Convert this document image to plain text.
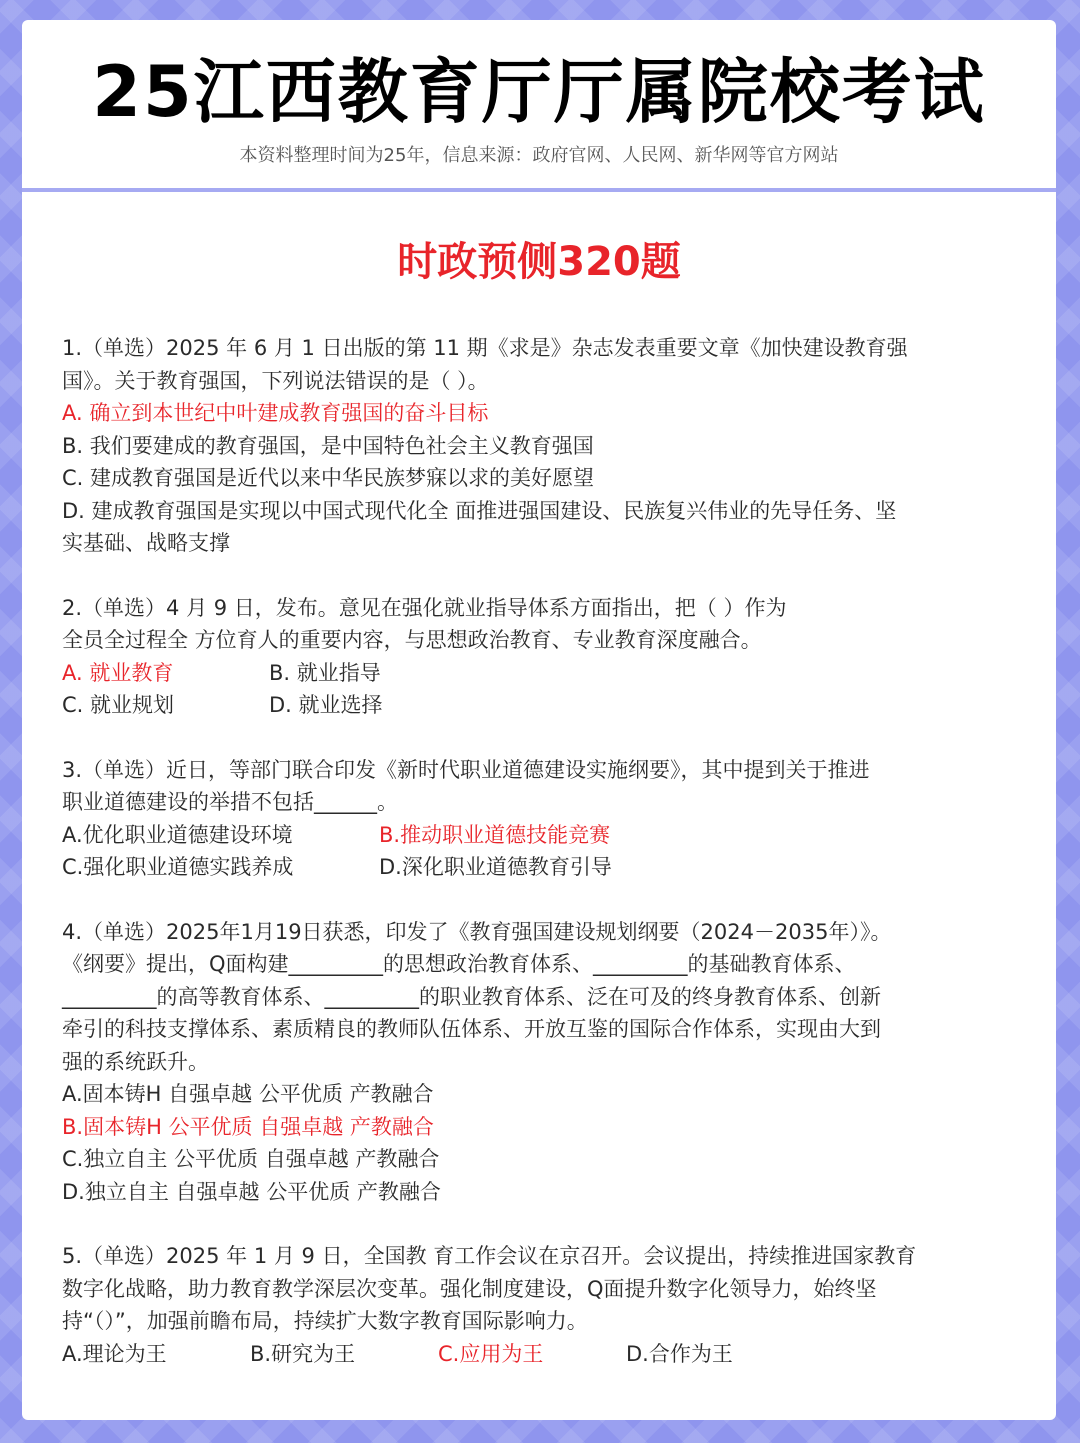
25江西教育厅厅属院校考试
本资料整理时间为25年，信息来源：政府官网、人民网、新华网等官方网站
时政预侧320题
1.（单选）2025 年 6 月 1 日出版的第 11 期《求是》杂志发表重要文章《加快建设教育强
国》。关于教育强国，下列说法错误的是（ ）。
A. 确立到本世纪中叶建成教育强国的奋斗目标
B. 我们要建成的教育强国，是中国特色社会主义教育强国
C. 建成教育强国是近代以来中华民族梦寐以求的美好愿望
D. 建成教育强国是实现以中国式现代化全 面推进强国建设、民族复兴伟业的先导任务、坚
实基础、战略支撑
2.（单选）4 月 9 日，发布。意见在强化就业指导体系方面指出，把（ ）作为
全员全过程全 方位育人的重要内容，与思想政治教育、专业教育深度融合。
A. 就业教育	B. 就业指导
C. 就业规划	D. 就业选择
3.（单选）近日，等部门联合印发《新时代职业道德建设实施纲要》，其中提到关于推进
职业道德建设的举措不包括______。
A.优化职业道德建设环境	B.推动职业道德技能竞赛
C.强化职业道德实践养成	D.深化职业道德教育引导
4.（单选）2025年1月19日获悉，印发了《教育强国建设规划纲要（2024－2035年）》。
《纲要》提出，Q面构建_________的思想政治教育体系、_________的基础教育体系、
_________的高等教育体系、_________的职业教育体系、泛在可及的终身教育体系、创新
牵引的科技支撑体系、素质精良的教师队伍体系、开放互鉴的国际合作体系，实现由大到
强的系统跃升。
A.固本铸H 自强卓越 公平优质 产教融合
B.固本铸H 公平优质 自强卓越 产教融合
C.独立自主 公平优质 自强卓越 产教融合
D.独立自主 自强卓越 公平优质 产教融合
5.（单选）2025 年 1 月 9 日，全国教 育工作会议在京召开。会议提出，持续推进国家教育
数字化战略，助力教育教学深层次变革。强化制度建设，Q面提升数字化领导力，始终坚
持“（）”，加强前瞻布局，持续扩大数字教育国际影响力。
A.理论为王	B.研究为王	C.应用为王	D.合作为王
